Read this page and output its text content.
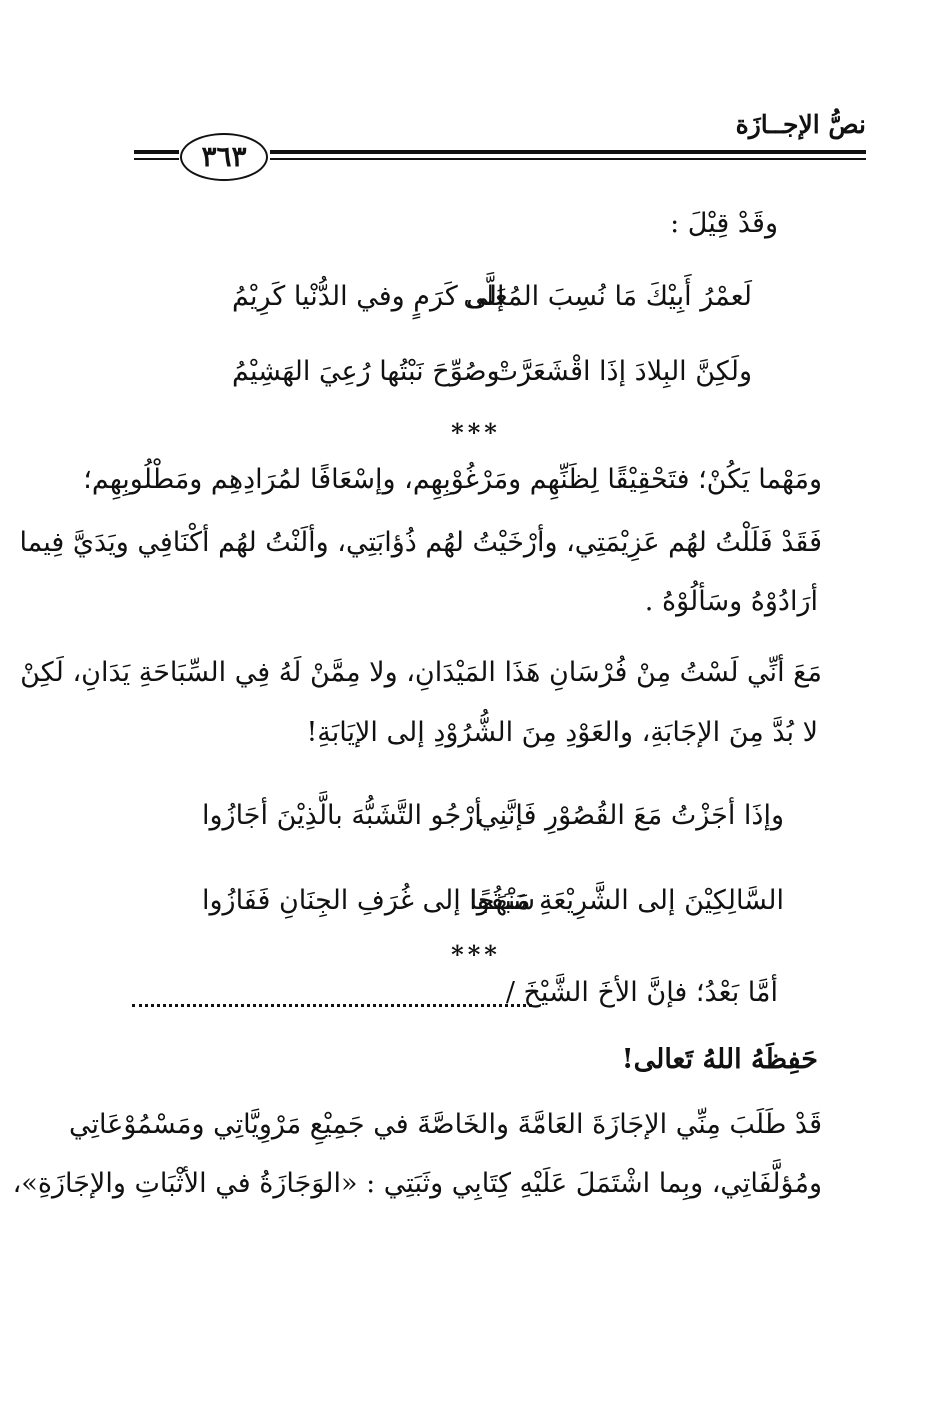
نصُّ الإجــازَة
٣٦٣
وقَدْ قِيْلَ :
لَعمْرُ أَبِيْكَ مَا نُسِبَ المُعَلَّى
إلى كَرَمٍ وفي الدُّنْيا كَرِيْمُ
ولَكِنَّ البِلادَ إذَا اقْشَعَرَّتْ
وصُوِّحَ نَبْتُها رُعِيَ الهَشِيْمُ
***
ومَهْما يَكُنْ؛ فتَحْقِيْقًا لِظَنِّهِم ومَرْغُوْبِهِم، وإسْعَافًا لمُرَادِهِم ومَطْلُوبِهِم؛
فَقَدْ فَلَلْتُ لهُم عَزِيْمَتِي، وأرْخَيْتُ لهُم ذُؤابَتِي، وألَنْتُ لهُم أكْنَافِي ويَدَيَّ فِيما
أرَادُوْهُ وسَألُوْهُ .
مَعَ أنِّي لَسْتُ مِنْ فُرْسَانِ هَذَا المَيْدَانِ، ولا مِمَّنْ لَهُ فِي السِّبَاحَةِ يَدَانِ، لَكِنْ
لا بُدَّ مِنَ الإجَابَةِ، والعَوْدِ مِنَ الشُّرُوْدِ إلى الإيَابَةِ!
وإذَا أجَزْتُ مَعَ القُصُوْرِ فَإنَّنِي
أرْجُو التَّشَبُّهَ بالَّذِيْنَ أجَازُوا
السَّالِكِيْنَ إلى الشَّرِيْعَةِ مَنْهَجًا
سَبَقُوا إلى غُرَفِ الجِنَانِ فَفَازُوا
***
أمَّا بَعْدُ؛ فإنَّ الأخَ الشَّيْخَ /
حَفِظَهُ اللهُ تَعالى!
قَدْ طَلَبَ مِنِّي الإجَازَةَ العَامَّةَ والخَاصَّةَ في جَمِيْعِ مَرْوِيَّاتِي ومَسْمُوْعَاتِي
ومُؤلَّفَاتِي، وبِما اشْتَمَلَ عَلَيْهِ كِتَابِي وثَبَتِي : «الوَجَازَةُ في الأثْبَاتِ والإجَازَةِ»،
